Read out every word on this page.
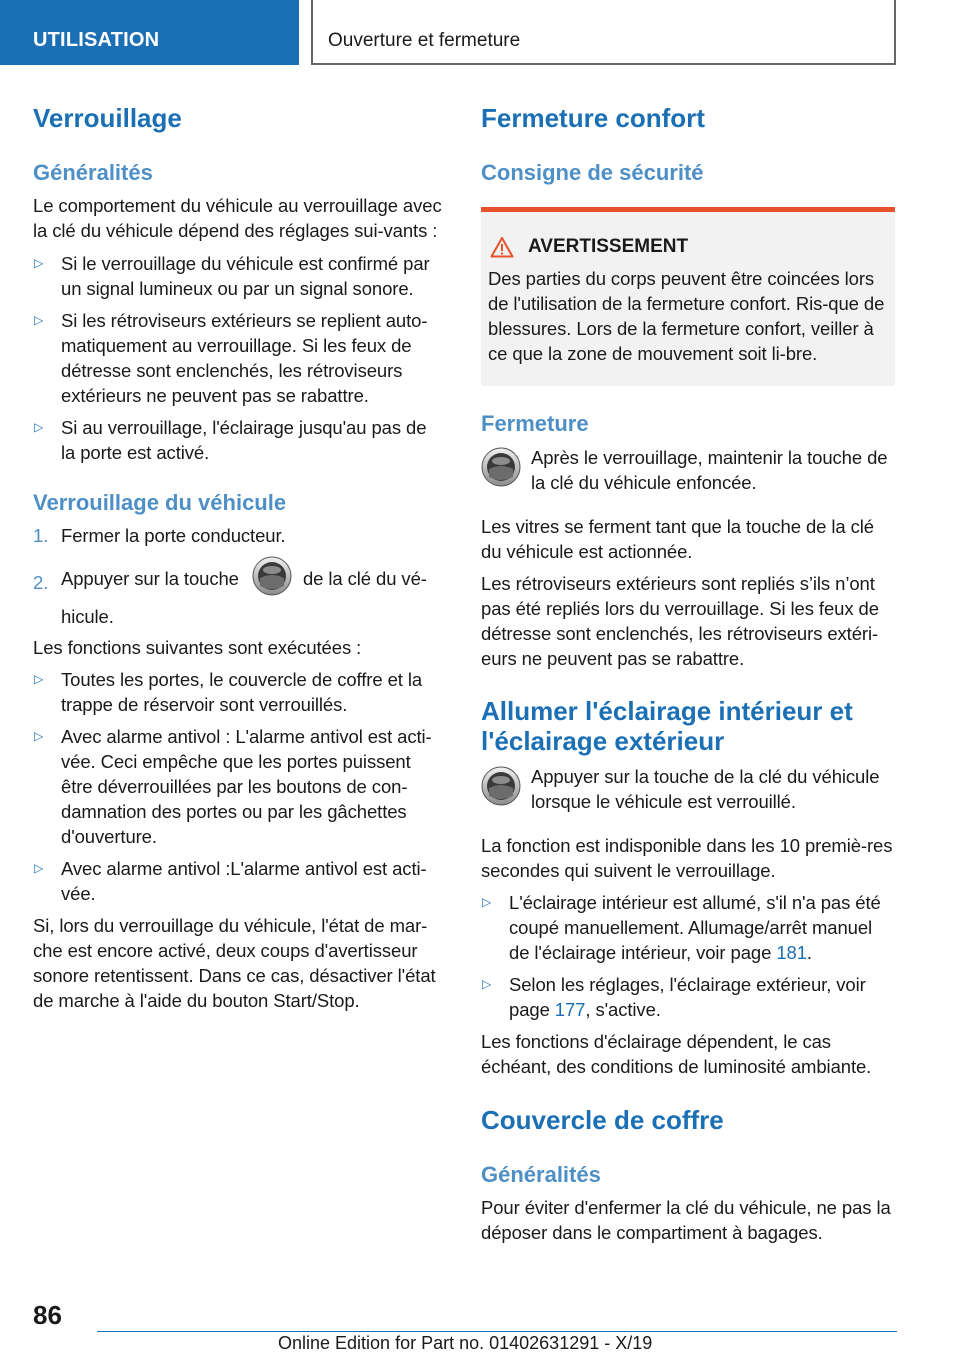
UTILISATION	Ouverture et fermeture
Verrouillage
Généralités

Le comportement du véhicule au verrouillage avec la clé du véhicule dépend des réglages sui-vants :

▷ Si le verrouillage du véhicule est confirmé par un signal lumineux ou par un signal sonore.
▷ Si les rétroviseurs extérieurs se replient auto-matiquement au verrouillage. Si les feux de détresse sont enclenchés, les rétroviseurs extérieurs ne peuvent pas se rabattre.
▷ Si au verrouillage, l'éclairage jusqu'au pas de la porte est activé.
Verrouillage du véhicule
1. Fermer la porte conducteur.
2. Appuyer sur la touche	de la clé du vé-hicule.

Les fonctions suivantes sont exécutées :

▷ Toutes les portes, le couvercle de coffre et la trappe de réservoir sont verrouillés.
▷ Avec alarme antivol : L'alarme antivol est acti-vée. Ceci empêche que les portes puissent être déverrouillées par les boutons de con-damnation des portes ou par les gâchettes d'ouverture.
▷ Avec alarme antivol :L'alarme antivol est acti-vée.

Si, lors du verrouillage du véhicule, l'état de mar-che est encore activé, deux coups d'avertisseur sonore retentissent. Dans ce cas, désactiver l'état de marche à l'aide du bouton Start/Stop.

Fermeture confort
Consigne de sécurité
AVERTISSEMENT

Des parties du corps peuvent être coincées lors de l'utilisation de la fermeture confort. Ris-que de blessures. Lors de la fermeture confort, veiller à ce que la zone de mouvement soit li-bre.

Fermeture

Après le verrouillage, maintenir la touche de la clé du véhicule enfoncée.

Les vitres se ferment tant que la touche de la clé du véhicule est actionnée.

Les rétroviseurs extérieurs sont repliés s’ils n’ont pas été repliés lors du verrouillage. Si les feux de détresse sont enclenchés, les rétroviseurs extéri-eurs ne peuvent pas se rabattre.

Allumer l'éclairage intérieur et l'éclairage extérieur

Appuyer sur la touche de la clé du véhicule lorsque le véhicule est verrouillé.

La fonction est indisponible dans les 10 premiè-res secondes qui suivent le verrouillage.

▷ L'éclairage intérieur est allumé, s'il n'a pas été coupé manuellement. Allumage/arrêt manuel de l'éclairage intérieur, voir page 181.
▷ Selon les réglages, l'éclairage extérieur, voir page 177, s'active.

Les fonctions d'éclairage dépendent, le cas échéant, des conditions de luminosité ambiante.

Couvercle de coffre
Généralités

Pour éviter d'enfermer la clé du véhicule, ne pas la déposer dans le compartiment à bagages.

86
Online Edition for Part no. 01402631291 - X/19
